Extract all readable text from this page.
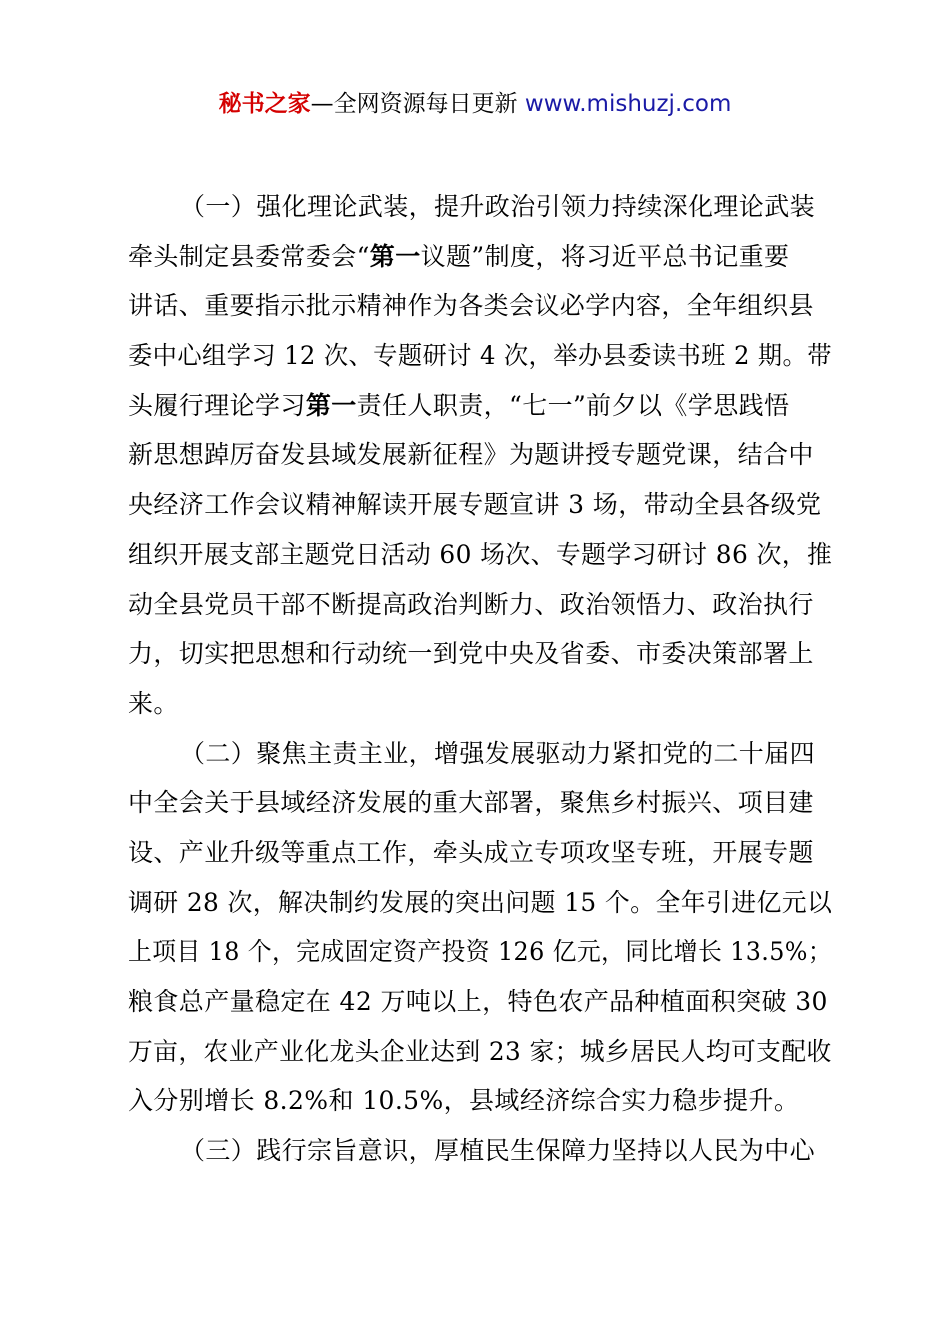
秘书之家—全网资源每日更新 www.mishuzj.com
（一）强化理论武装，提升政治引领力持续深化理论武装
牵头制定县委常委会“第一议题”制度，将习近平总书记重要
讲话、重要指示批示精神作为各类会议必学内容，全年组织县
委中心组学习 12 次、专题研讨 4 次，举办县委读书班 2 期。带
头履行理论学习第一责任人职责，“七一”前夕以《学思践悟
新思想踔厉奋发县域发展新征程》为题讲授专题党课，结合中
央经济工作会议精神解读开展专题宣讲 3 场，带动全县各级党
组织开展支部主题党日活动 60 场次、专题学习研讨 86 次，推
动全县党员干部不断提高政治判断力、政治领悟力、政治执行
力，切实把思想和行动统一到党中央及省委、市委决策部署上
来。
（二）聚焦主责主业，增强发展驱动力紧扣党的二十届四
中全会关于县域经济发展的重大部署，聚焦乡村振兴、项目建
设、产业升级等重点工作，牵头成立专项攻坚专班，开展专题
调研 28 次，解决制约发展的突出问题 15 个。全年引进亿元以
上项目 18 个，完成固定资产投资 126 亿元，同比增长 13.5%；
粮食总产量稳定在 42 万吨以上，特色农产品种植面积突破 30
万亩，农业产业化龙头企业达到 23 家；城乡居民人均可支配收
入分别增长 8.2%和 10.5%，县域经济综合实力稳步提升。
（三）践行宗旨意识，厚植民生保障力坚持以人民为中心
